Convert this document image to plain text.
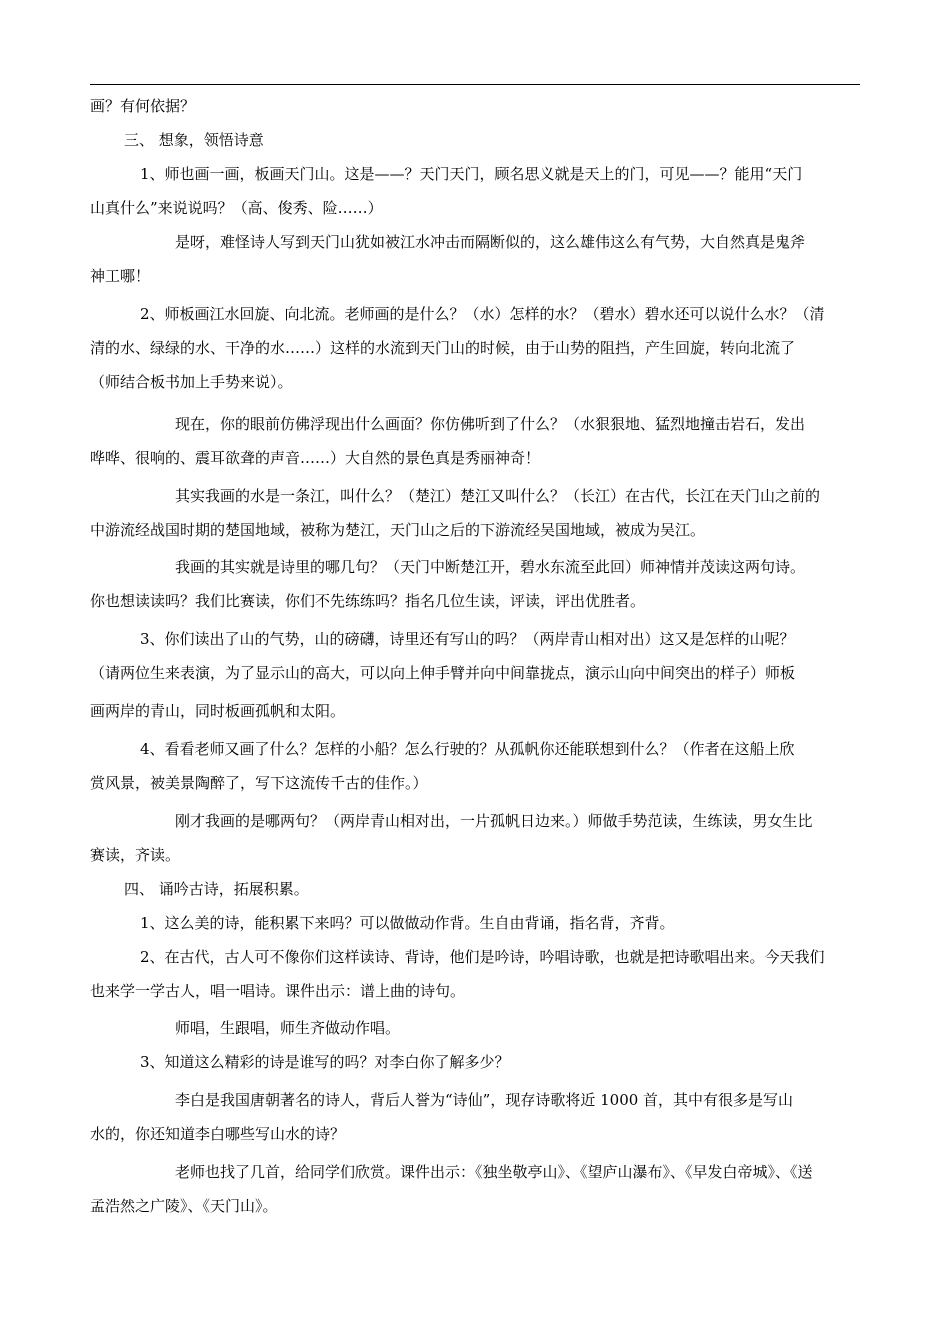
画？有何依据？
三、 想象，领悟诗意
1、师也画一画，板画天门山。这是——？天门天门，顾名思义就是天上的门，可见——？能用“天门
山真什么”来说说吗？（高、俊秀、险……）
是呀，难怪诗人写到天门山犹如被江水冲击而隔断似的，这么雄伟这么有气势，大自然真是鬼斧
神工哪！
2、师板画江水回旋、向北流。老师画的是什么？（水）怎样的水？（碧水）碧水还可以说什么水？（清
清的水、绿绿的水、干净的水……）这样的水流到天门山的时候，由于山势的阻挡，产生回旋，转向北流了
（师结合板书加上手势来说）。
现在，你的眼前仿佛浮现出什么画面？你仿佛听到了什么？（水狠狠地、猛烈地撞击岩石，发出
哗哗、很响的、震耳欲聋的声音……）大自然的景色真是秀丽神奇！
其实我画的水是一条江，叫什么？（楚江）楚江又叫什么？（长江）在古代，长江在天门山之前的
中游流经战国时期的楚国地域，被称为楚江，天门山之后的下游流经吴国地域，被成为吴江。
我画的其实就是诗里的哪几句？（天门中断楚江开，碧水东流至此回）师神情并茂读这两句诗。
你也想读读吗？我们比赛读，你们不先练练吗？指名几位生读，评读，评出优胜者。
3、你们读出了山的气势，山的磅礴，诗里还有写山的吗？（两岸青山相对出）这又是怎样的山呢？
（请两位生来表演，为了显示山的高大，可以向上伸手臂并向中间靠拢点，演示山向中间突出的样子）师板
画两岸的青山，同时板画孤帆和太阳。
4、看看老师又画了什么？怎样的小船？怎么行驶的？从孤帆你还能联想到什么？（作者在这船上欣
赏风景，被美景陶醉了，写下这流传千古的佳作。）
刚才我画的是哪两句？（两岸青山相对出，一片孤帆日边来。）师做手势范读，生练读，男女生比
赛读，齐读。
四、 诵吟古诗，拓展积累。
1、这么美的诗，能积累下来吗？可以做做动作背。生自由背诵，指名背，齐背。
2、在古代，古人可不像你们这样读诗、背诗，他们是吟诗，吟唱诗歌，也就是把诗歌唱出来。今天我们
也来学一学古人，唱一唱诗。课件出示：谱上曲的诗句。
师唱，生跟唱，师生齐做动作唱。
3、知道这么精彩的诗是谁写的吗？对李白你了解多少？
李白是我国唐朝著名的诗人，背后人誉为“诗仙”，现存诗歌将近 1000 首，其中有很多是写山
水的，你还知道李白哪些写山水的诗？
老师也找了几首，给同学们欣赏。课件出示：《独坐敬亭山》、《望庐山瀑布》、《早发白帝城》、《送
孟浩然之广陵》、《天门山》。
